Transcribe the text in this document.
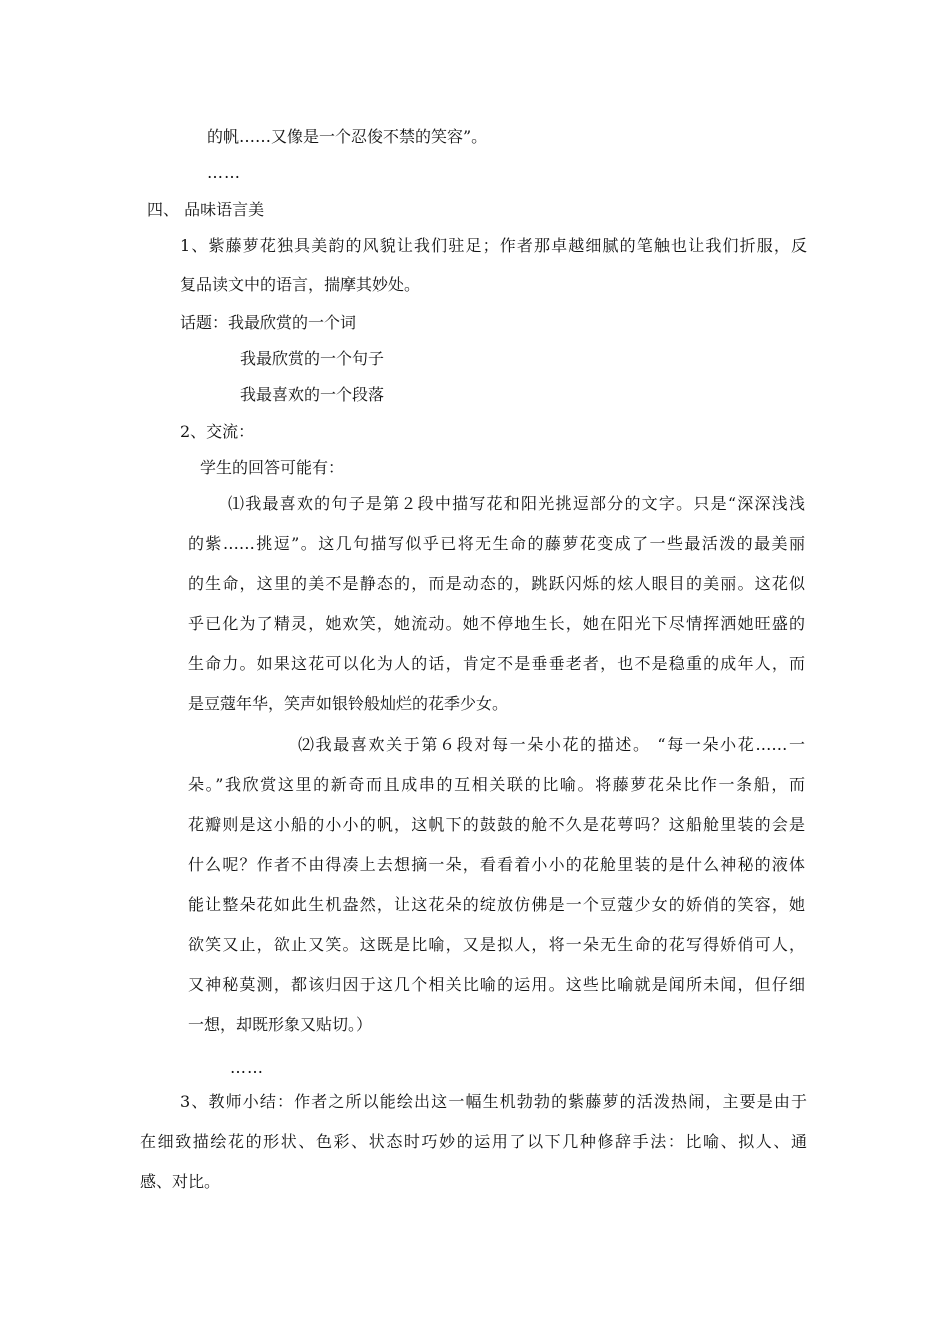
的帆……又像是一个忍俊不禁的笑容”。
……
四、 品味语言美
1、紫藤萝花独具美韵的风貌让我们驻足；作者那卓越细腻的笔触也让我们折服，反
复品读文中的语言，揣摩其妙处。
话题：我最欣赏的一个词
我最欣赏的一个句子
我最喜欢的一个段落
2、交流：
学生的回答可能有：
⑴我最喜欢的句子是第２段中描写花和阳光挑逗部分的文字。只是“深深浅浅
的紫……挑逗”。这几句描写似乎已将无生命的藤萝花变成了一些最活泼的最美丽
的生命，这里的美不是静态的，而是动态的，跳跃闪烁的炫人眼目的美丽。这花似
乎已化为了精灵，她欢笑，她流动。她不停地生长，她在阳光下尽情挥洒她旺盛的
生命力。如果这花可以化为人的话，肯定不是垂垂老者，也不是稳重的成年人，而
是豆蔻年华，笑声如银铃般灿烂的花季少女。
⑵我最喜欢关于第６段对每一朵小花的描述。 “每一朵小花……一
朵。”我欣赏这里的新奇而且成串的互相关联的比喻。将藤萝花朵比作一条船，而
花瓣则是这小船的小小的帆，这帆下的鼓鼓的舱不久是花萼吗？这船舱里装的会是
什么呢？作者不由得凑上去想摘一朵，看看着小小的花舱里装的是什么神秘的液体
能让整朵花如此生机盎然，让这花朵的绽放仿佛是一个豆蔻少女的娇俏的笑容，她
欲笑又止，欲止又笑。这既是比喻，又是拟人，将一朵无生命的花写得娇俏可人，
又神秘莫测，都该归因于这几个相关比喻的运用。这些比喻就是闻所未闻，但仔细
一想，却既形象又贴切。）
……
3、教师小结：作者之所以能绘出这一幅生机勃勃的紫藤萝的活泼热闹，主要是由于
在细致描绘花的形状、色彩、状态时巧妙的运用了以下几种修辞手法：比喻、拟人、通
感、对比。
